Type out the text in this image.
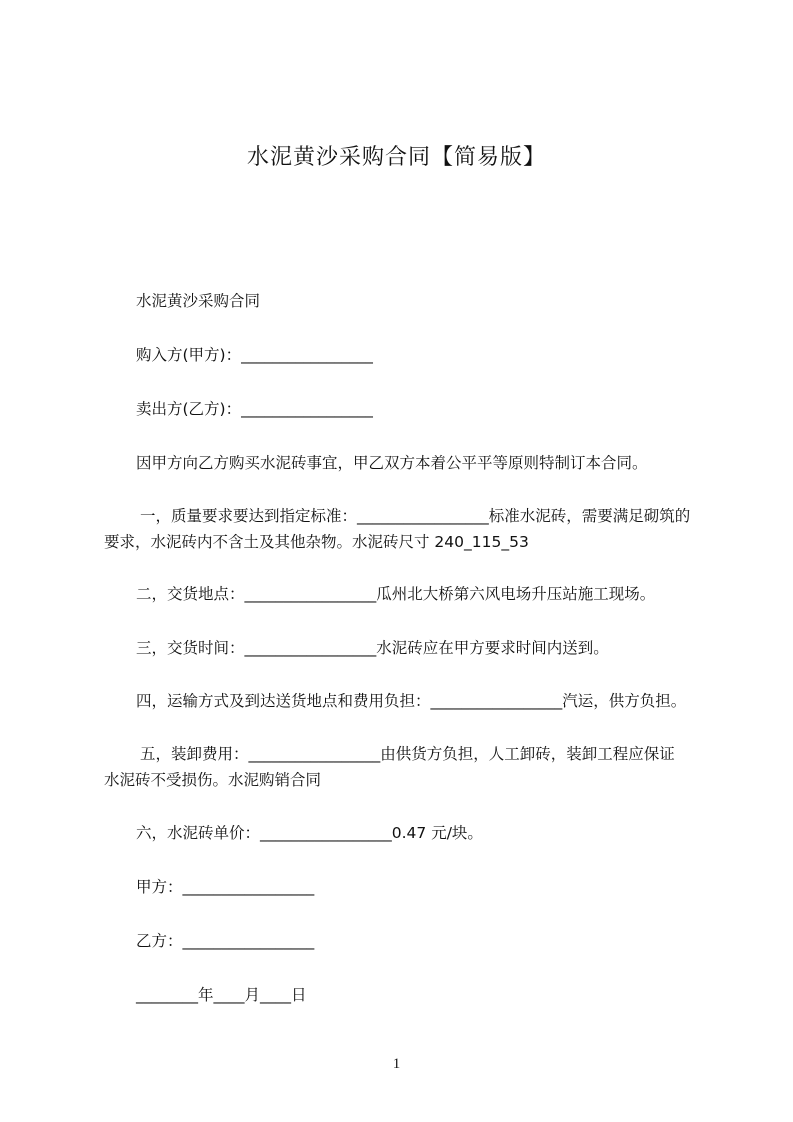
水泥黄沙采购合同【简易版】
水泥黄沙采购合同
购入方(甲方)：_________________
卖出方(乙方)：_________________
因甲方向乙方购买水泥砖事宜，甲乙双方本着公平平等原则特制订本合同。
一，质量要求要达到指定标准：_________________标准水泥砖，需要满足砌筑的
要求，水泥砖内不含土及其他杂物。水泥砖尺寸 240_115_53
二，交货地点：_________________瓜州北大桥第六风电场升压站施工现场。
三，交货时间：_________________水泥砖应在甲方要求时间内送到。
四，运输方式及到达送货地点和费用负担：_________________汽运，供方负担。
五，装卸费用：_________________由供货方负担，人工卸砖，装卸工程应保证
水泥砖不受损伤。水泥购销合同
六，水泥砖单价：_________________0.47 元/块。
甲方：_________________
乙方：_________________
________年____月____日
1
